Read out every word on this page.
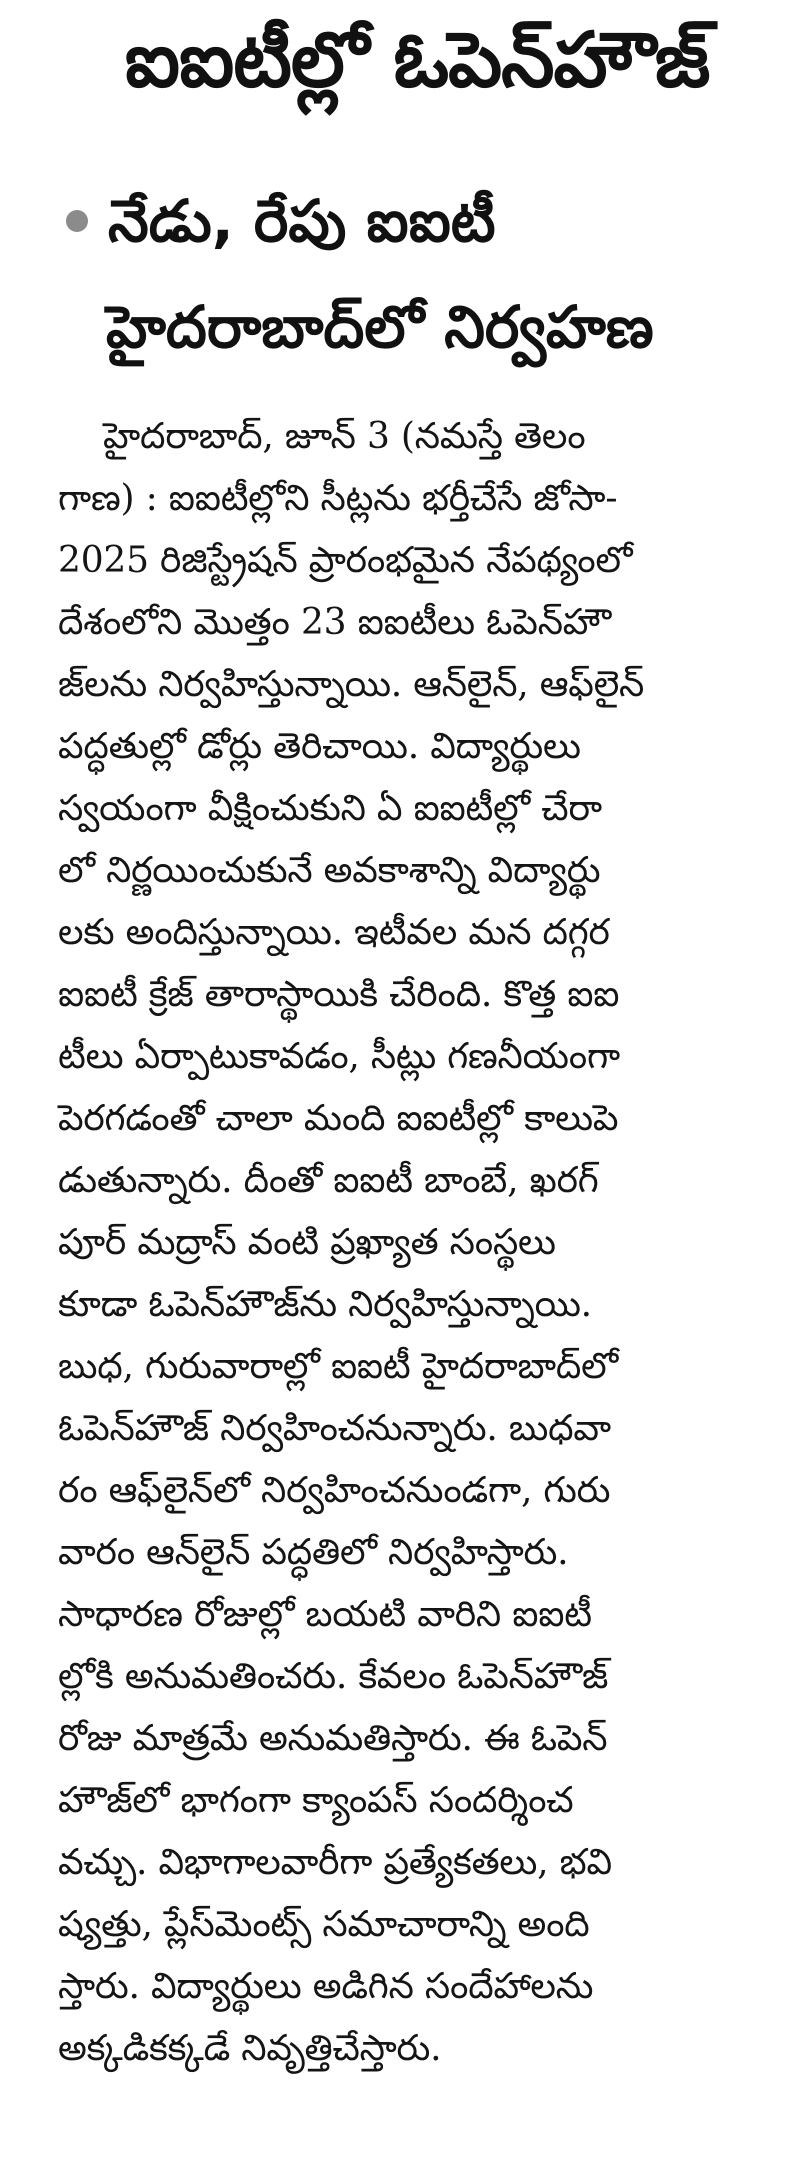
ఐఐటీల్లో ఓపెన్‌హౌజ్‌
నేడు, రేపు ఐఐటీ
హైదరాబాద్‌లో నిర్వహణ
హైదరాబాద్‌, జూన్‌ 3 (నమస్తే తెలం
గాణ) : ఐఐటీల్లోని సీట్లను భర్తీచేసే జోసా-
2025 రిజిస్ట్రేషన్‌ ప్రారంభమైన నేపథ్యంలో
దేశంలోని మొత్తం 23 ఐఐటీలు ఓపెన్‌హౌ
జ్‌లను నిర్వహిస్తున్నాయి. ఆన్‌లైన్‌, ఆఫ్‌లైన్‌
పద్ధతుల్లో డోర్లు తెరిచాయి. విద్యార్థులు
స్వయంగా వీక్షించుకుని ఏ ఐఐటీల్లో చేరా
లో నిర్ణయించుకునే అవకాశాన్ని విద్యార్థు
లకు అందిస్తున్నాయి. ఇటీవల మన దగ్గర
ఐఐటీ క్రేజ్‌ తారాస్థాయికి చేరింది. కొత్త ఐఐ
టీలు ఏర్పాటుకావడం, సీట్లు గణనీయంగా
పెరగడంతో చాలా మంది ఐఐటీల్లో కాలుపె
డుతున్నారు. దీంతో ఐఐటీ బాంబే, ఖరగ్‌
పూర్‌ మద్రాస్‌ వంటి ప్రఖ్యాత సంస్థలు
కూడా ఓపెన్‌హౌజ్‌ను నిర్వహిస్తున్నాయి.
బుధ, గురువారాల్లో ఐఐటీ హైదరాబాద్‌లో
ఓపెన్‌హౌజ్‌ నిర్వహించనున్నారు. బుధవా
రం ఆఫ్‌లైన్‌లో నిర్వహించనుండగా, గురు
వారం ఆన్‌లైన్‌ పద్ధతిలో నిర్వహిస్తారు.
సాధారణ రోజుల్లో బయటి వారిని ఐఐటీ
ల్లోకి అనుమతించరు. కేవలం ఓపెన్‌హౌజ్‌
రోజు మాత్రమే అనుమతిస్తారు. ఈ ఓపెన్‌
హౌజ్‌లో భాగంగా క్యాంపస్‌ సందర్శించ
వచ్చు. విభాగాలవారీగా ప్రత్యేకతలు, భవి
ష్యత్తు, ప్లేస్‌మెంట్స్‌ సమాచారాన్ని అంది
స్తారు. విద్యార్థులు అడిగిన సందేహాలను
అక్కడికక్కడే నివృత్తిచేస్తారు.
